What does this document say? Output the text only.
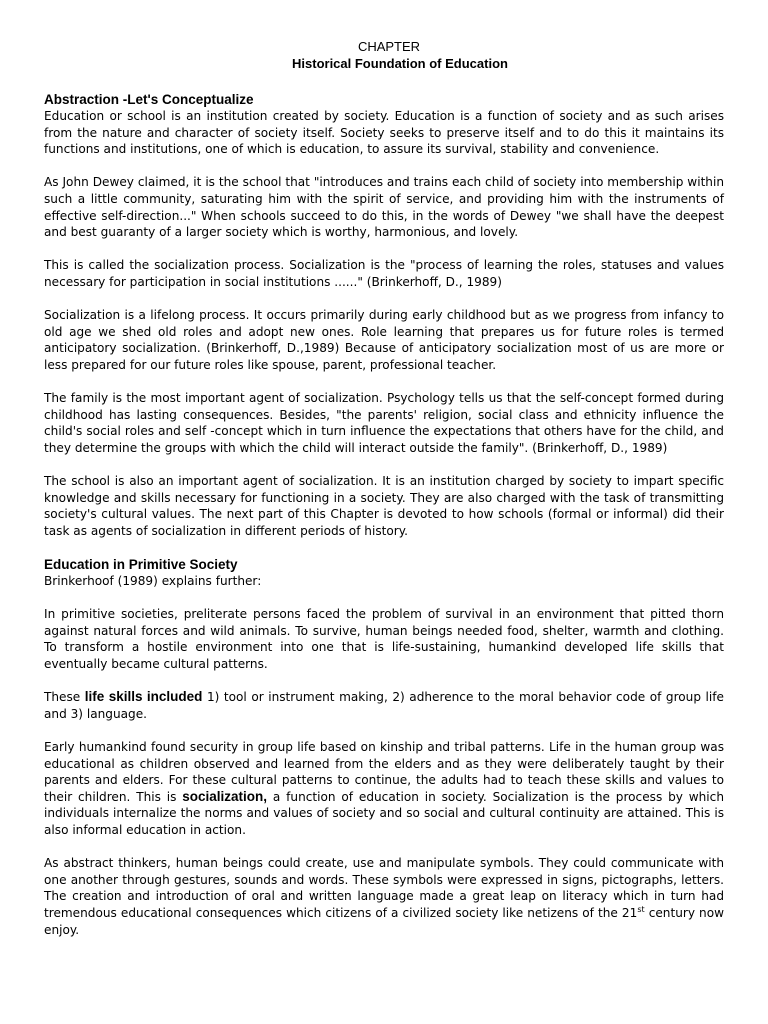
CHAPTER
Historical Foundation of Education
Abstraction -Let's Conceptualize

Education or school is an institution created by society. Education is a function of society and as such arises from the nature and character of society itself. Society seeks to preserve itself and to do this it maintains its functions and institutions, one of which is education, to assure its survival, stability and convenience.

As John Dewey claimed, it is the school that "introduces and trains each child of society into membership within such a little community, saturating him with the spirit of service, and providing him with the instruments of effective self-direction..." When schools succeed to do this, in the words of Dewey "we shall have the deepest and best guaranty of a larger society which is worthy, harmonious, and lovely.

This is called the socialization process. Socialization is the "process of learning the roles, statuses and values necessary for participation in social institutions ......" (Brinkerhoff, D., 1989)

Socialization is a lifelong process. It occurs primarily during early childhood but as we progress from infancy to old age we shed old roles and adopt new ones. Role learning that prepares us for future roles is termed anticipatory socialization. (Brinkerhoff, D.,1989) Because of anticipatory socialization most of us are more or less prepared for our future roles like spouse, parent, professional teacher.

The family is the most important agent of socialization. Psychology tells us that the self-concept formed during childhood has lasting consequences. Besides, "the parents' religion, social class and ethnicity influence the child's social roles and self -concept which in turn influence the expectations that others have for the child, and they determine the groups with which the child will interact outside the family". (Brinkerhoff, D., 1989)

The school is also an important agent of socialization. It is an institution charged by society to impart specific knowledge and skills necessary for functioning in a society. They are also charged with the task of transmitting society's cultural values. The next part of this Chapter is devoted to how schools (formal or informal) did their task as agents of socialization in different periods of history.

Education in Primitive Society

Brinkerhoof (1989) explains further:

In primitive societies, preliterate persons faced the problem of survival in an environment that pitted thorn against natural forces and wild animals. To survive, human beings needed food, shelter, warmth and clothing. To transform a hostile environment into one that is life-sustaining, humankind developed life skills that eventually became cultural patterns.

These life skills included 1) tool or instrument making, 2) adherence to the moral behavior code of group life and 3) language.

Early humankind found security in group life based on kinship and tribal patterns. Life in the human group was educational as children observed and learned from the elders and as they were deliberately taught by their parents and elders. For these cultural patterns to continue, the adults had to teach these skills and values to their children. This is socialization, a function of education in society. Socialization is the process by which individuals internalize the norms and values of society and so social and cultural continuity are attained. This is also informal education in action.

As abstract thinkers, human beings could create, use and manipulate symbols. They could communicate with one another through gestures, sounds and words. These symbols were expressed in signs, pictographs, letters. The creation and introduction of oral and written language made a great leap on literacy which in turn had tremendous educational consequences which citizens of a civilized society like netizens of the 21st century now enjoy.
